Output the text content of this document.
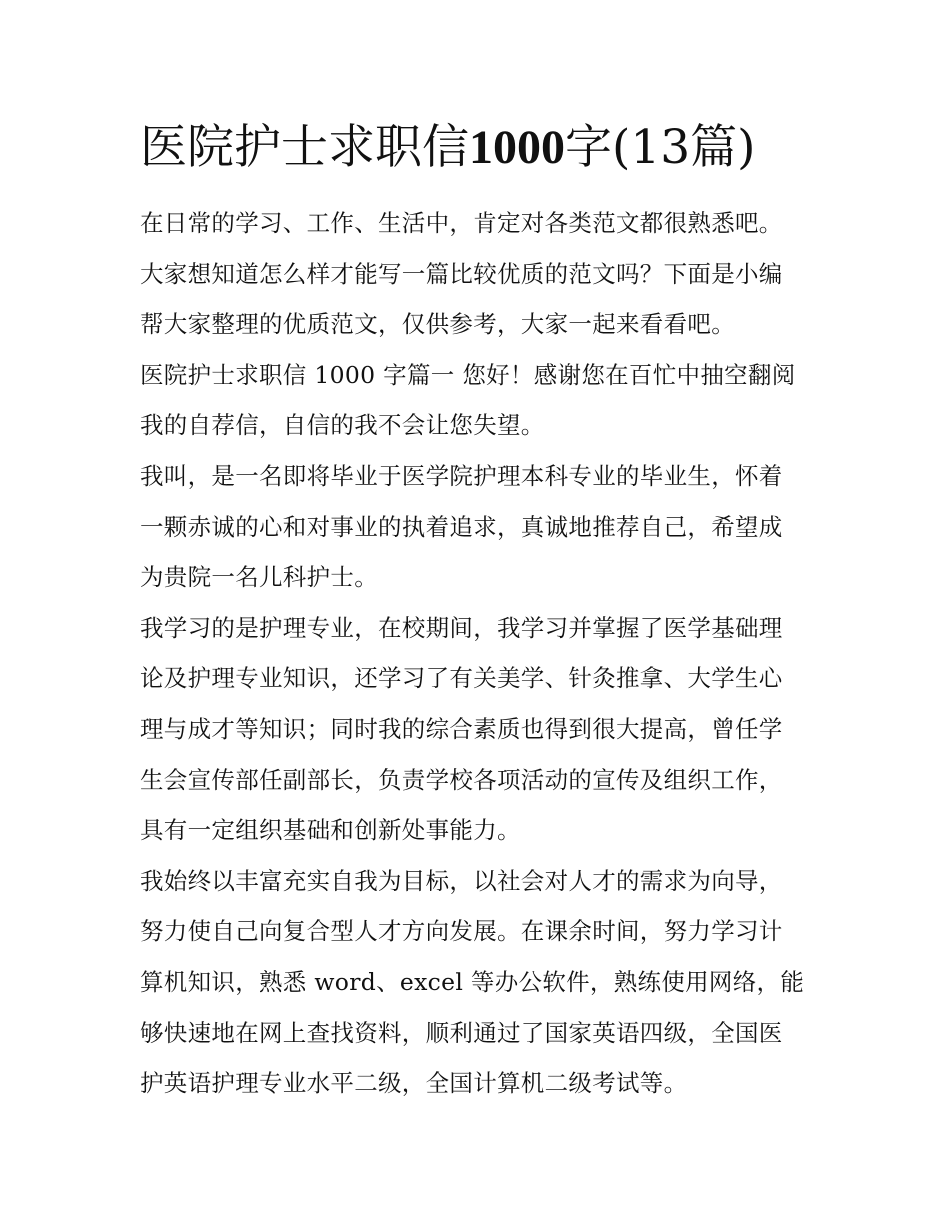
医院护士求职信1000字(13篇)
在日常的学习、工作、生活中，肯定对各类范文都很熟悉吧。
大家想知道怎么样才能写一篇比较优质的范文吗？下面是小编
帮大家整理的优质范文，仅供参考，大家一起来看看吧。
医院护士求职信 1000 字篇一 您好！感谢您在百忙中抽空翻阅
我的自荐信，自信的我不会让您失望。
我叫，是一名即将毕业于医学院护理本科专业的毕业生，怀着
一颗赤诚的心和对事业的执着追求，真诚地推荐自己，希望成
为贵院一名儿科护士。
我学习的是护理专业，在校期间，我学习并掌握了医学基础理
论及护理专业知识，还学习了有关美学、针灸推拿、大学生心
理与成才等知识；同时我的综合素质也得到很大提高，曾任学
生会宣传部任副部长，负责学校各项活动的宣传及组织工作，
具有一定组织基础和创新处事能力。
我始终以丰富充实自我为目标，以社会对人才的需求为向导，
努力使自己向复合型人才方向发展。在课余时间，努力学习计
算机知识，熟悉 word、excel 等办公软件，熟练使用网络，能
够快速地在网上查找资料，顺利通过了国家英语四级，全国医
护英语护理专业水平二级，全国计算机二级考试等。
